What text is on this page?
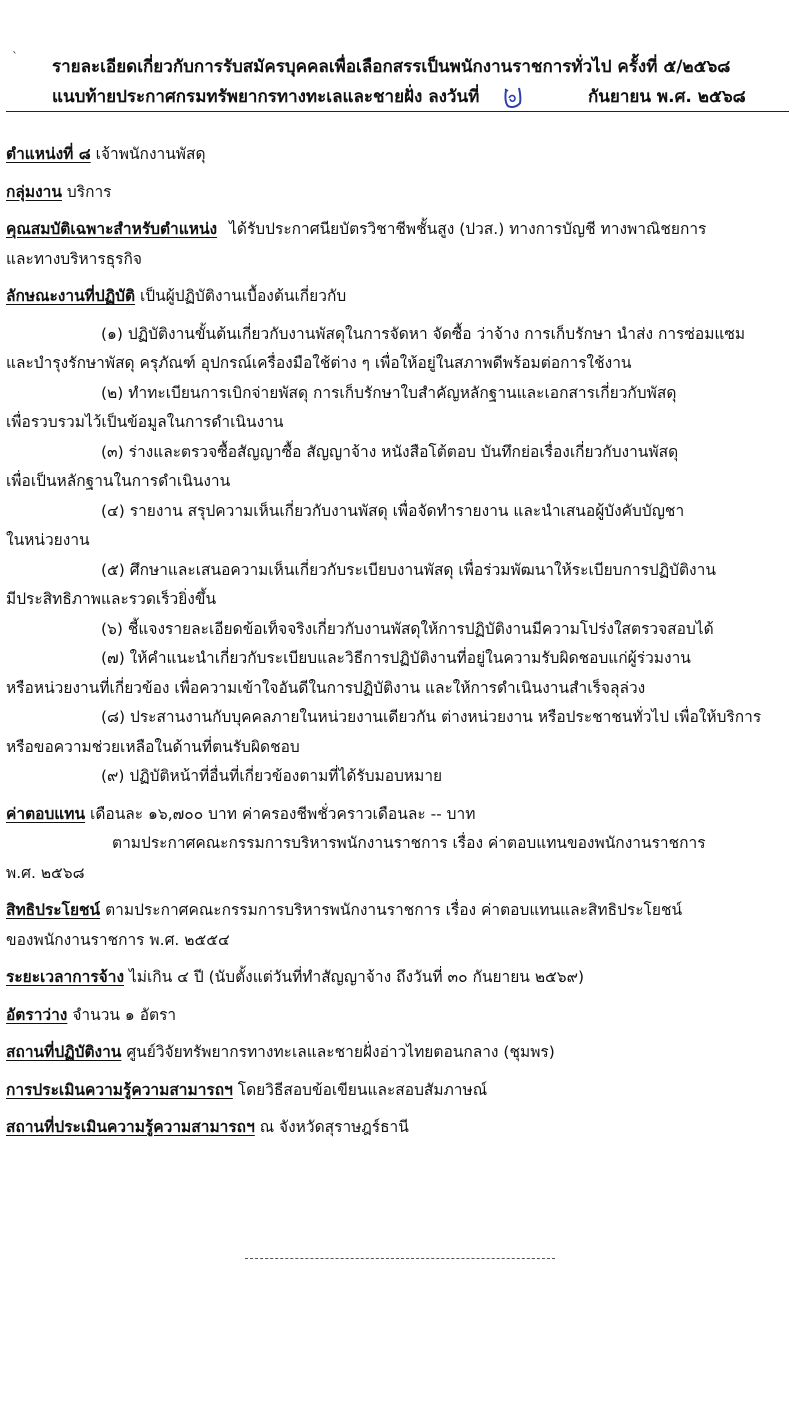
` รายละเอียดเกี่ยวกับการรับสมัครบุคคลเพื่อเลือกสรรเป็นพนักงานราชการทั่วไป ครั้งที่ ๕/๒๕๖๘
แนบท้ายประกาศกรมทรัพยากรทางทะเลและชายฝั่ง ลงวันที่	กันยายน พ.ศ. ๒๕๖๘
ตำแหน่งที่ ๘ เจ้าพนักงานพัสดุ
กลุ่มงาน บริการ
คุณสมบัติเฉพาะสำหรับตำแหน่ง ได้รับประกาศนียบัตรวิชาชีพชั้นสูง (ปวส.) ทางการบัญชี ทางพาณิชยการ
และทางบริหารธุรกิจ
ลักษณะงานที่ปฏิบัติ เป็นผู้ปฏิบัติงานเบื้องต้นเกี่ยวกับ
(๑) ปฏิบัติงานขั้นต้นเกี่ยวกับงานพัสดุในการจัดหา จัดซื้อ ว่าจ้าง การเก็บรักษา นำส่ง การซ่อมแซม
และบำรุงรักษาพัสดุ ครุภัณฑ์ อุปกรณ์เครื่องมือใช้ต่าง ๆ เพื่อให้อยู่ในสภาพดีพร้อมต่อการใช้งาน
(๒) ทำทะเบียนการเบิกจ่ายพัสดุ การเก็บรักษาใบสำคัญหลักฐานและเอกสารเกี่ยวกับพัสดุ
เพื่อรวบรวมไว้เป็นข้อมูลในการดำเนินงาน
(๓) ร่างและตรวจซื้อสัญญาซื้อ สัญญาจ้าง หนังสือโต้ตอบ บันทึกย่อเรื่องเกี่ยวกับงานพัสดุ
เพื่อเป็นหลักฐานในการดำเนินงาน
(๔) รายงาน สรุปความเห็นเกี่ยวกับงานพัสดุ เพื่อจัดทำรายงาน และนำเสนอผู้บังคับบัญชา
ในหน่วยงาน
(๕) ศึกษาและเสนอความเห็นเกี่ยวกับระเบียบงานพัสดุ เพื่อร่วมพัฒนาให้ระเบียบการปฏิบัติงาน
มีประสิทธิภาพและรวดเร็วยิ่งขึ้น
(๖) ชี้แจงรายละเอียดข้อเท็จจริงเกี่ยวกับงานพัสดุให้การปฏิบัติงานมีความโปร่งใสตรวจสอบได้
(๗) ให้คำแนะนำเกี่ยวกับระเบียบและวิธีการปฏิบัติงานที่อยู่ในความรับผิดชอบแก่ผู้ร่วมงาน
หรือหน่วยงานที่เกี่ยวข้อง เพื่อความเข้าใจอันดีในการปฏิบัติงาน และให้การดำเนินงานสำเร็จลุล่วง
(๘) ประสานงานกับบุคคลภายในหน่วยงานเดียวกัน ต่างหน่วยงาน หรือประชาชนทั่วไป เพื่อให้บริการ
หรือขอความช่วยเหลือในด้านที่ตนรับผิดชอบ
(๙) ปฏิบัติหน้าที่อื่นที่เกี่ยวข้องตามที่ได้รับมอบหมาย
ค่าตอบแทน เดือนละ ๑๖,๗๐๐ บาท ค่าครองชีพชั่วคราวเดือนละ -- บาท
ตามประกาศคณะกรรมการบริหารพนักงานราชการ เรื่อง ค่าตอบแทนของพนักงานราชการ
พ.ศ. ๒๕๖๘
สิทธิประโยชน์ ตามประกาศคณะกรรมการบริหารพนักงานราชการ เรื่อง ค่าตอบแทนและสิทธิประโยชน์
ของพนักงานราชการ พ.ศ. ๒๕๕๔
ระยะเวลาการจ้าง ไม่เกิน ๔ ปี (นับตั้งแต่วันที่ทำสัญญาจ้าง ถึงวันที่ ๓๐ กันยายน ๒๕๖๙)
อัตราว่าง จำนวน ๑ อัตรา
สถานที่ปฏิบัติงาน ศูนย์วิจัยทรัพยากรทางทะเลและชายฝั่งอ่าวไทยตอนกลาง (ชุมพร)
การประเมินความรู้ความสามารถฯ โดยวิธีสอบข้อเขียนและสอบสัมภาษณ์
สถานที่ประเมินความรู้ความสามารถฯ ณ จังหวัดสุราษฎร์ธานี
